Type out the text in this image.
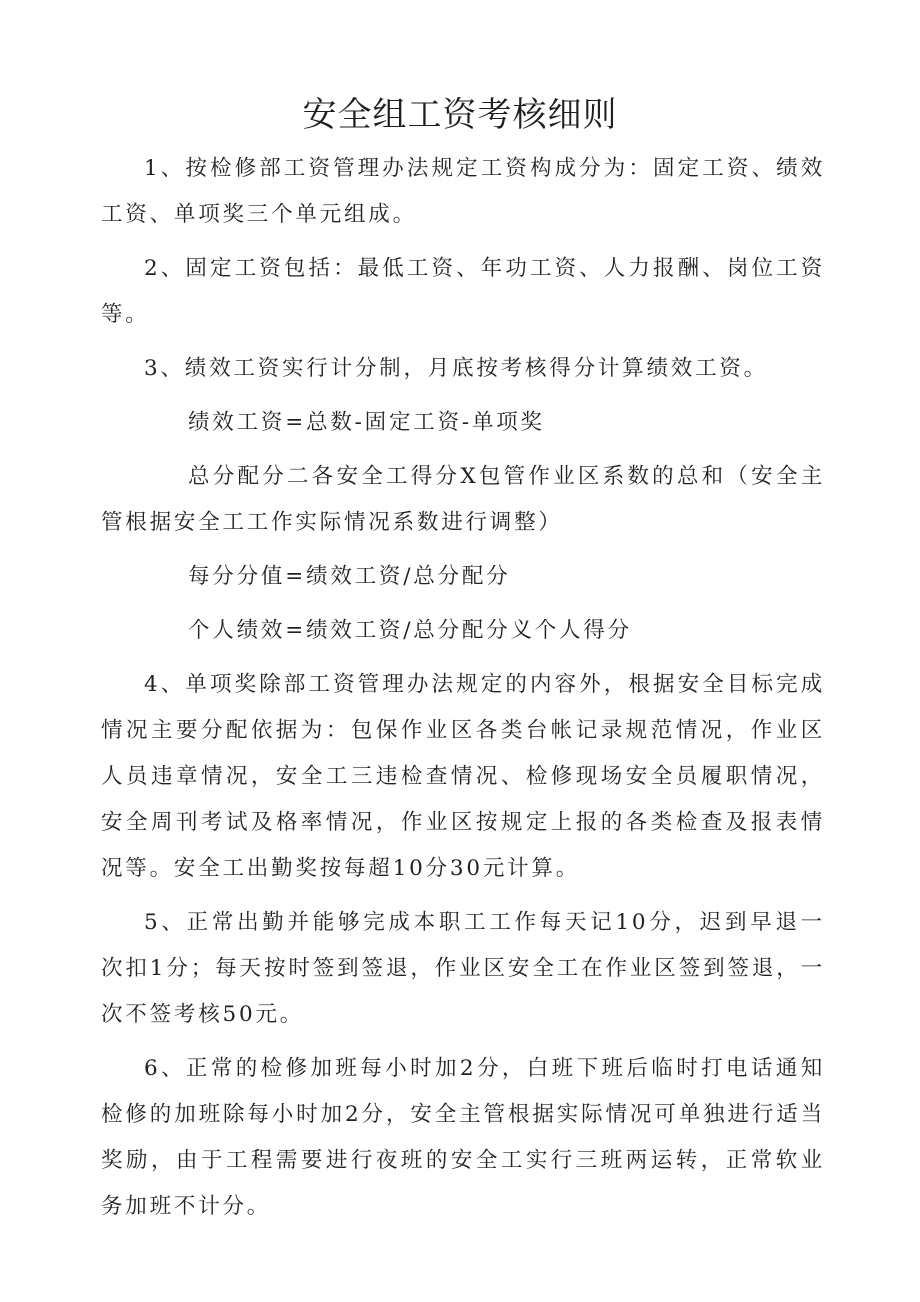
安全组工资考核细则

1、按检修部工资管理办法规定工资构成分为：固定工资、绩效工资、单项奖三个单元组成。

2、固定工资包括：最低工资、年功工资、人力报酬、岗位工资等。

3、绩效工资实行计分制，月底按考核得分计算绩效工资。

绩效工资=总数-固定工资-单项奖

总分配分二各安全工得分X包管作业区系数的总和（安全主管根据安全工工作实际情况系数进行调整）

每分分值=绩效工资/总分配分

个人绩效=绩效工资/总分配分义个人得分

4、单项奖除部工资管理办法规定的内容外，根据安全目标完成情况主要分配依据为：包保作业区各类台帐记录规范情况，作业区人员违章情况，安全工三违检查情况、检修现场安全员履职情况，安全周刊考试及格率情况，作业区按规定上报的各类检查及报表情况等。安全工出勤奖按每超10分30元计算。

5、正常出勤并能够完成本职工工作每天记10分，迟到早退一次扣1分；每天按时签到签退，作业区安全工在作业区签到签退，一次不签考核50元。

6、正常的检修加班每小时加2分，白班下班后临时打电话通知检修的加班除每小时加2分，安全主管根据实际情况可单独进行适当奖励，由于工程需要进行夜班的安全工实行三班两运转，正常软业务加班不计分。
